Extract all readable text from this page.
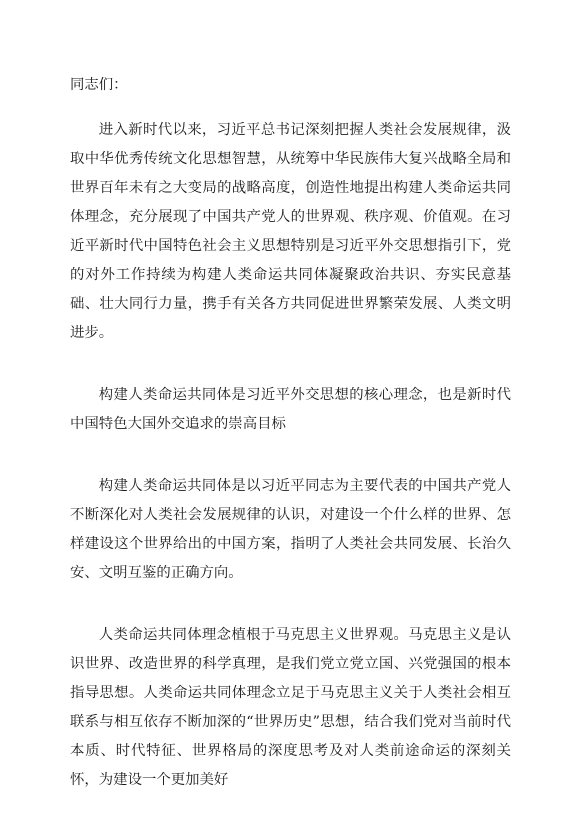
同志们：

进入新时代以来，习近平总书记深刻把握人类社会发展规律，汲取中华优秀传统文化思想智慧，从统筹中华民族伟大复兴战略全局和世界百年未有之大变局的战略高度，创造性地提出构建人类命运共同体理念，充分展现了中国共产党人的世界观、秩序观、价值观。在习近平新时代中国特色社会主义思想特别是习近平外交思想指引下，党的对外工作持续为构建人类命运共同体凝聚政治共识、夯实民意基础、壮大同行力量，携手有关各方共同促进世界繁荣发展、人类文明进步。

构建人类命运共同体是习近平外交思想的核心理念，也是新时代中国特色大国外交追求的崇高目标

构建人类命运共同体是以习近平同志为主要代表的中国共产党人不断深化对人类社会发展规律的认识，对建设一个什么样的世界、怎样建设这个世界给出的中国方案，指明了人类社会共同发展、长治久安、文明互鉴的正确方向。

人类命运共同体理念植根于马克思主义世界观。马克思主义是认识世界、改造世界的科学真理，是我们党立党立国、兴党强国的根本指导思想。人类命运共同体理念立足于马克思主义关于人类社会相互联系与相互依存不断加深的“世界历史”思想，结合我们党对当前时代本质、时代特征、世界格局的深度思考及对人类前途命运的深刻关怀，为建设一个更加美好
